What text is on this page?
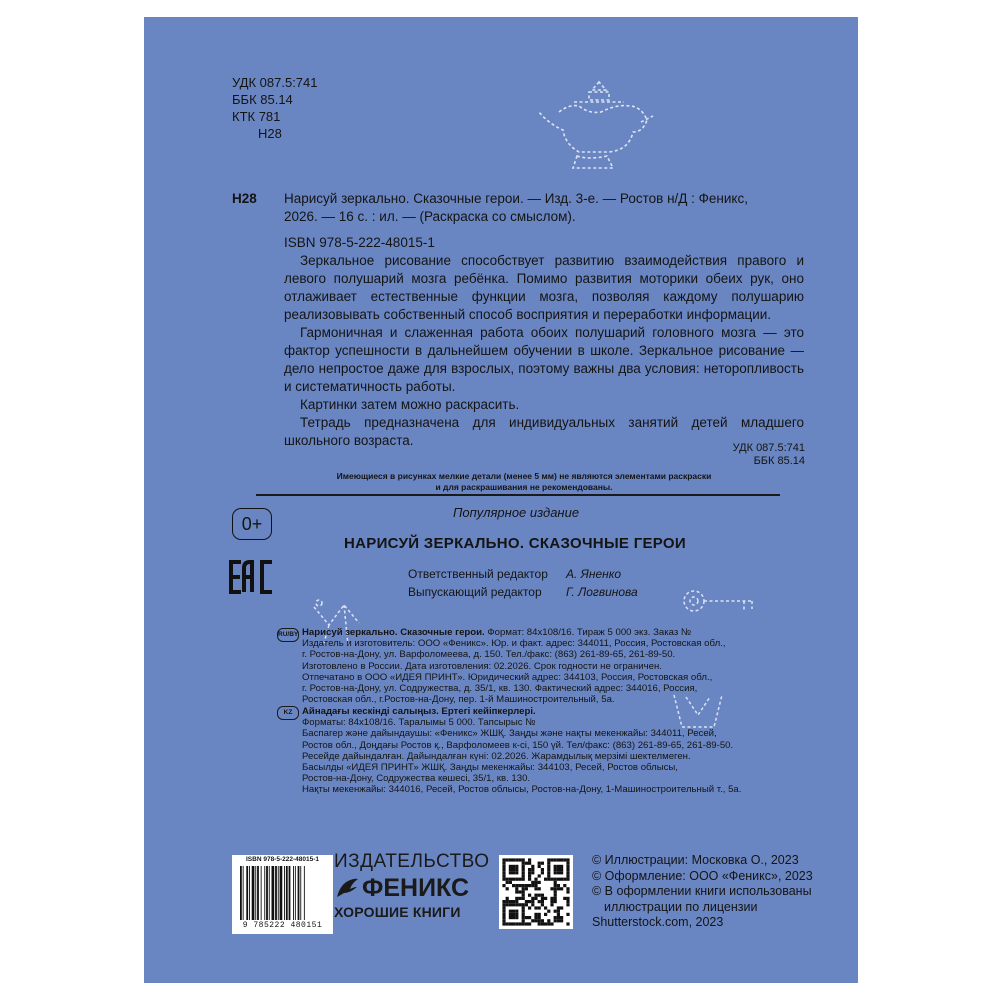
УДК 087.5:741
ББК 85.14
КТК 781
Н28
Н28 Нарисуй зеркально. Сказочные герои. — Изд. 3-е. — Ростов н/Д : Феникс,
2026. — 16 с. : ил. — (Раскраска со смыслом).
ISBN 978-5-222-48015-1

Зеркальное рисование способствует развитию взаимодействия правого и левого полушарий мозга ребёнка. Помимо развития моторики обеих рук, оно отлаживает естественные функции мозга, позволяя каждому полушарию реализовывать собственный способ восприятия и переработки информации.

Гармоничная и слаженная работа обоих полушарий головного мозга — это фактор успешности в дальнейшем обучении в школе. Зеркальное рисование — дело непростое даже для взрослых, поэтому важны два условия: неторопливость и систематичность работы.

Картинки затем можно раскрасить.

Тетрадь предназначена для индивидуальных занятий детей младшего школьного возраста.	УДК 087.5:741
ББК 85.14
Имеющиеся в рисунках мелкие детали (менее 5 мм) не являются элементами раскраски
и для раскрашивания не рекомендованы.
0+
Популярное издание
НАРИСУЙ ЗЕРКАЛЬНО. СКАЗОЧНЫЕ ГЕРОИ
Ответственный редактор	А. Яненко
Выпускающий редактор	Г. Логвинова
RU/BY Нарисуй зеркально. Сказочные герои. Формат: 84х108/16. Тираж 5 000 экз. Заказ №
Издатель и изготовитель: ООО «Феникс». Юр. и факт. адрес: 344011, Россия, Ростовская обл.,
г. Ростов-на-Дону, ул. Варфоломеева, д. 150. Тел./факс: (863) 261-89-65, 261-89-50.
Изготовлено в России. Дата изготовления: 02.2026. Срок годности не ограничен.
Отпечатано в ООО «ИДЕЯ ПРИНТ». Юридический адрес: 344103, Россия, Ростовская обл.,
г. Ростов-на-Дону, ул. Содружества, д. 35/1, кв. 130. Фактический адрес: 344016, Россия,
Ростовская обл., г.Ростов-на-Дону, пер. 1-й Машиностроительный, 5а.
KZ	Айнадағы кескінді салыңыз. Ертегі кейіпкерлері.
Форматы: 84х108/16. Таралымы 5 000. Тапсырыс №
Баспагер және дайындаушы: «Феникс» ЖШҚ. Заңды және нақты мекенжайы: 344011, Ресей,
Ростов обл., Доңдағы Ростов қ., Варфоломеев к-сі, 150 үй. Тел/факс: (863) 261-89-65, 261-89-50.
Ресейде дайындалған. Дайындалған күні: 02.2026. Жарамдылық мерзімі шектелмеген.
Басылды «ИДЕЯ ПРИНТ» ЖШҚ. Заңды мекенжайы: 344103, Ресей, Ростов облысы,
Ростов-на-Дону, Содружества көшесі, 35/1, кв. 130.
Нақты мекенжайы: 344016, Ресей, Ростов облысы, Ростов-на-Дону, 1-Машиностроительный т., 5а.
ISBN 978-5-222-48015-1
9 785222 480151
ИЗДАТЕЛЬСТВО
ФЕНИКС
ХОРОШИЕ КНИГИ
© Иллюстрации: Московка О., 2023
© Оформление: ООО «Феникс», 2023
© В оформлении книги использованы
иллюстрации по лицензии
Shutterstock.com, 2023
